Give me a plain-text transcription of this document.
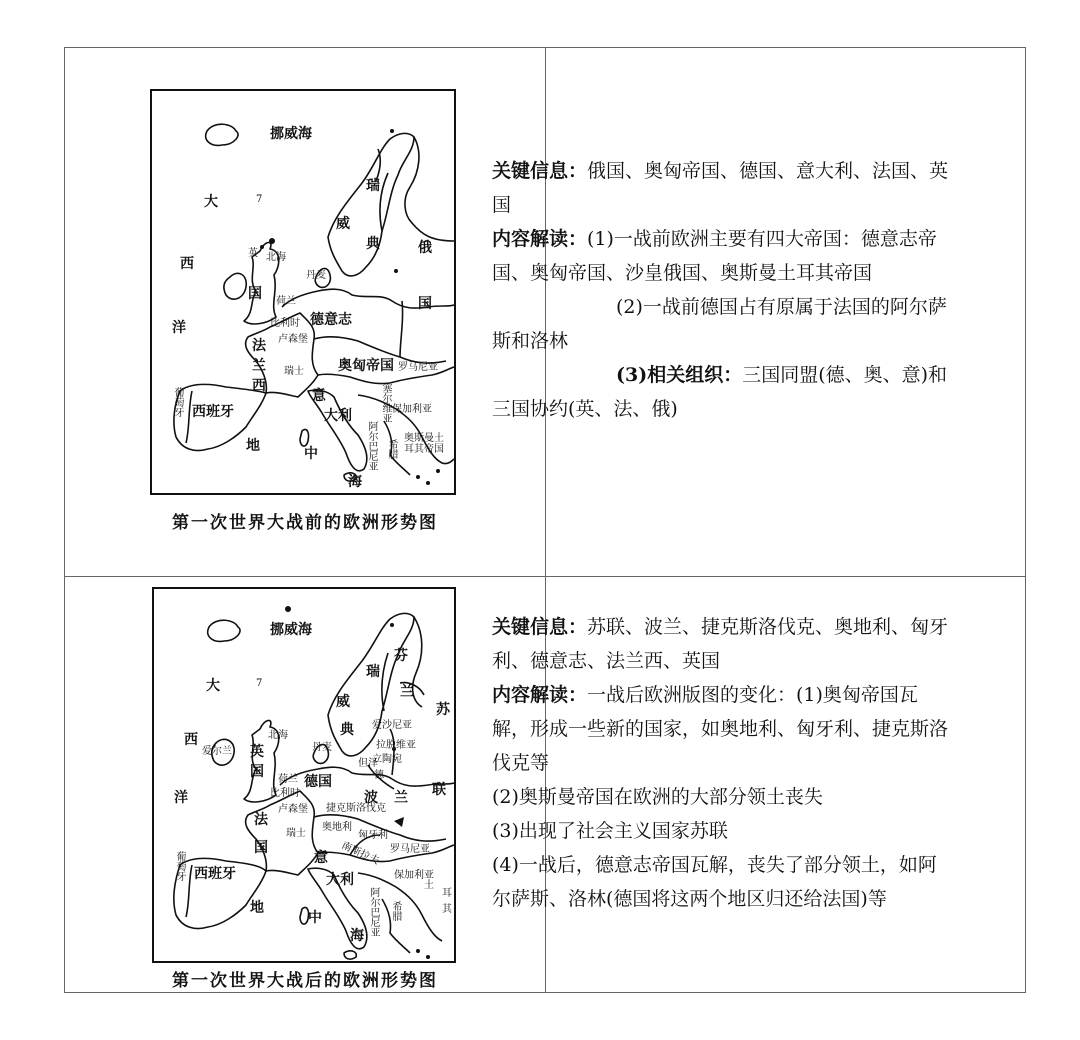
挪威海
大	7
西
洋
英
国
北海
瑞
威
典
丹麦
俄
国
荷兰
比利时
卢森堡
德意志
法
兰
西
瑞士 奥匈帝国
塞尔维亚
罗马尼亚
保加利亚
葡萄牙 西班牙
意
大利
地	中
海
阿尔巴尼亚 希腊
奥斯曼土耳其帝国
第一次世界大战前的欧洲形势图

关键信息：俄国、奥匈帝国、德国、意大利、法国、英国

内容解读：(1)一战前欧洲主要有四大帝国：德意志帝国、奥匈帝国、沙皇俄国、奥斯曼土耳其帝国

(2)一战前德国占有原属于法国的阿尔萨斯和洛林

(3)相关组织：三国同盟(德、奥、意)和三国协约(英、法、俄)

挪威海
大	7
西
洋
爱尔兰 英
国
北海
瑞
威
典
芬
兰
苏
联
爱沙尼亚
拉脱维亚
立陶宛
丹麦
荷兰
比利时
卢森堡
德国
但泽
德
波 兰
捷克斯洛伐克
奥地利
匈牙利
法
国
瑞士
罗马尼亚
南斯拉夫
保加利亚
土
耳
其
葡萄牙 西班牙
意
大利
地
中
海 阿尔巴尼亚 希腊
第一次世界大战后的欧洲形势图

关键信息：苏联、波兰、捷克斯洛伐克、奥地利、匈牙利、德意志、法兰西、英国

内容解读：一战后欧洲版图的变化：(1)奥匈帝国瓦解，形成一些新的国家，如奥地利、匈牙利、捷克斯洛伐克等

(2)奥斯曼帝国在欧洲的大部分领土丧失

(3)出现了社会主义国家苏联

(4)一战后，德意志帝国瓦解，丧失了部分领土，如阿尔萨斯、洛林(德国将这两个地区归还给法国)等
